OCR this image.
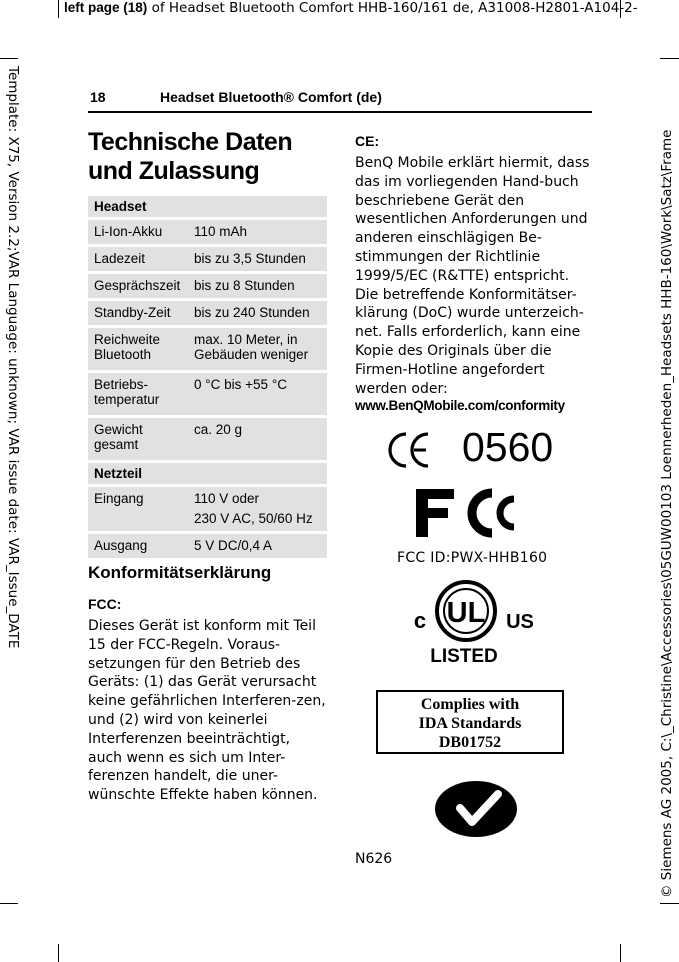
left page (18) of Headset Bluetooth Comfort HHB-160/161 de, A31008-H2801-A104-2-
Template: X75, Version 2.2;VAR Language: unknown; VAR issue date: VAR_Issue_DATE	© Siemens AG 2005, C:\_Christine\Accessories\05GUW00103 Loennerheden_Headsets HHB-160\Work\Satz\Frame
18	Headset Bluetooth® Comfort (de)
Technische Daten und Zulassung
Headset	
Li-Ion-Akku	110 mAh
Ladezeit	bis zu 3,5 Stunden
Gesprächszeit	bis zu 8 Stunden
Standby-Zeit	bis zu 240 Stunden
Reichweite Bluetooth	max. 10 Meter, in Gebäuden weniger
Betriebs-temperatur	0 °C bis +55 °C
Gewicht gesamt	ca. 20 g
Netzteil	
Eingang	110 V oder
230 V AC, 50/60 Hz

Ausgang	5 V DC/0,4 A
Konformitätserklärung
FCC:
Dieses Gerät ist konform mit Teil 15 der FCC-Regeln. Voraus-setzungen für den Betrieb des Geräts: (1) das Gerät verursacht keine gefährlichen Interferen-zen, und (2) wird von keinerlei Interferenzen beeinträchtigt, auch wenn es sich um Inter-ferenzen handelt, die uner-wünschte Effekte haben können.
CE:
BenQ Mobile erklärt hiermit, dass das im vorliegenden Hand-buch beschriebene Gerät den wesentlichen Anforderungen und anderen einschlägigen Be-stimmungen der Richtlinie 1999/5/EC (R&TTE) entspricht. Die betreffende Konformitätser-klärung (DoC) wurde unterzeich-net. Falls erforderlich, kann eine Kopie des Originals über die Firmen-Hotline angefordert werden oder:
www.BenQMobile.com/conformity
0560
FCC ID:PWX-HHB160
UL
c	US
LISTED
Complies with
IDA Standards
DB01752
N626
